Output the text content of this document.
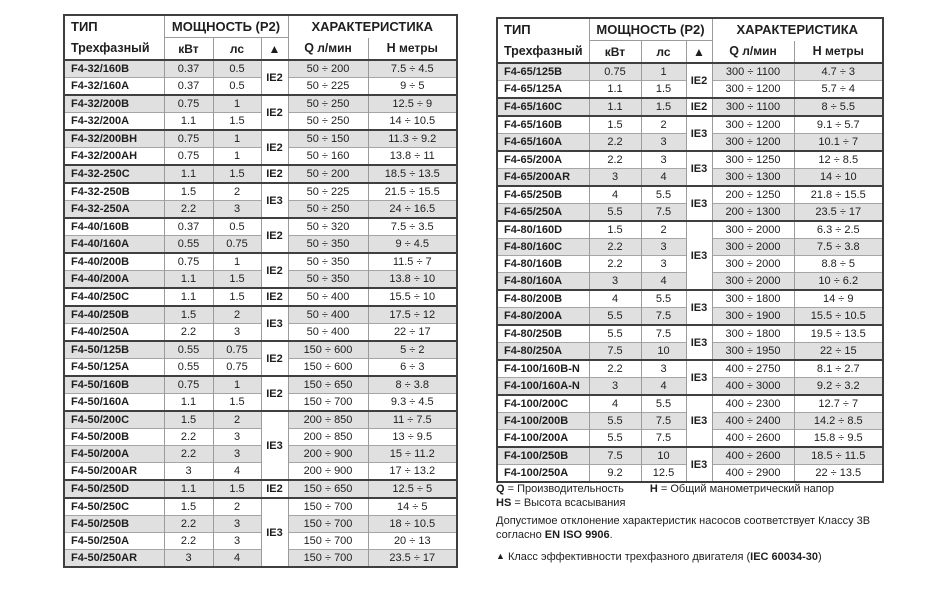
ТИП
Трехфазный	МОЩНОСТЬ (P2)			ХАРАКТЕРИСТИКА	
	кВт	лс	▲	Q л/мин	H метры
F4-32/160B	0.37	0.5	IE2	50 ÷ 200	7.5 ÷ 4.5
F4-32/160A	0.37	0.5		50 ÷ 225	9 ÷ 5
F4-32/200B	0.75	1	IE2	50 ÷ 250	12.5 ÷ 9
F4-32/200A	1.1	1.5		50 ÷ 250	14 ÷ 10.5
F4-32/200BH	0.75	1	IE2	50 ÷ 150	11.3 ÷ 9.2
F4-32/200AH	0.75	1		50 ÷ 160	13.8 ÷ 11
F4-32-250C	1.1	1.5	IE2	50 ÷ 200	18.5 ÷ 13.5
F4-32-250B	1.5	2	IE3	50 ÷ 225	21.5 ÷ 15.5
F4-32-250A	2.2	3		50 ÷ 250	24 ÷ 16.5
F4-40/160B	0.37	0.5	IE2	50 ÷ 320	7.5 ÷ 3.5
F4-40/160A	0.55	0.75		50 ÷ 350	9 ÷ 4.5
F4-40/200B	0.75	1	IE2	50 ÷ 350	11.5 ÷ 7
F4-40/200A	1.1	1.5		50 ÷ 350	13.8 ÷ 10
F4-40/250C	1.1	1.5	IE2	50 ÷ 400	15.5 ÷ 10
F4-40/250B	1.5	2	IE3	50 ÷ 400	17.5 ÷ 12
F4-40/250A	2.2	3		50 ÷ 400	22 ÷ 17
F4-50/125B	0.55	0.75	IE2	150 ÷ 600	5 ÷ 2
F4-50/125A	0.55	0.75		150 ÷ 600	6 ÷ 3
F4-50/160B	0.75	1	IE2	150 ÷ 650	8 ÷ 3.8
F4-50/160A	1.1	1.5		150 ÷ 700	9.3 ÷ 4.5
F4-50/200C	1.5	2	IE3	200 ÷ 850	11 ÷ 7.5
F4-50/200B	2.2	3		200 ÷ 850	13 ÷ 9.5
F4-50/200A	2.2	3		200 ÷ 900	15 ÷ 11.2
F4-50/200AR	3	4		200 ÷ 900	17 ÷ 13.2
F4-50/250D	1.1	1.5	IE2	150 ÷ 650	12.5 ÷ 5
F4-50/250C	1.5	2	IE3	150 ÷ 700	14 ÷ 5
F4-50/250B	2.2	3		150 ÷ 700	18 ÷ 10.5
F4-50/250A	2.2	3		150 ÷ 700	20 ÷ 13
F4-50/250AR	3	4		150 ÷ 700	23.5 ÷ 17
ТИП
Трехфазный	МОЩНОСТЬ (P2)			ХАРАКТЕРИСТИКА	
	кВт	лс	▲	Q л/мин	H метры
F4-65/125B	0.75	1	IE2	300 ÷ 1100	4.7 ÷ 3
F4-65/125A	1.1	1.5		300 ÷ 1200	5.7 ÷ 4
F4-65/160C	1.1	1.5	IE2	300 ÷ 1100	8 ÷ 5.5
F4-65/160B	1.5	2	IE3	300 ÷ 1200	9.1 ÷ 5.7
F4-65/160A	2.2	3		300 ÷ 1200	10.1 ÷ 7
F4-65/200A	2.2	3	IE3	300 ÷ 1250	12 ÷ 8.5
F4-65/200AR	3	4		300 ÷ 1300	14 ÷ 10
F4-65/250B	4	5.5	IE3	200 ÷ 1250	21.8 ÷ 15.5
F4-65/250A	5.5	7.5		200 ÷ 1300	23.5 ÷ 17
F4-80/160D	1.5	2	IE3	300 ÷ 2000	6.3 ÷ 2.5
F4-80/160C	2.2	3		300 ÷ 2000	7.5 ÷ 3.8
F4-80/160B	2.2	3		300 ÷ 2000	8.8 ÷ 5
F4-80/160A	3	4		300 ÷ 2000	10 ÷ 6.2
F4-80/200B	4	5.5	IE3	300 ÷ 1800	14 ÷ 9
F4-80/200A	5.5	7.5		300 ÷ 1900	15.5 ÷ 10.5
F4-80/250B	5.5	7.5	IE3	300 ÷ 1800	19.5 ÷ 13.5
F4-80/250A	7.5	10		300 ÷ 1950	22 ÷ 15
F4-100/160B-N	2.2	3	IE3	400 ÷ 2750	8.1 ÷ 2.7
F4-100/160A-N	3	4		400 ÷ 3000	9.2 ÷ 3.2
F4-100/200C	4	5.5	IE3	400 ÷ 2300	12.7 ÷ 7
F4-100/200B	5.5	7.5		400 ÷ 2400	14.2 ÷ 8.5
F4-100/200A	5.5	7.5		400 ÷ 2600	15.8 ÷ 9.5
F4-100/250B	7.5	10	IE3	400 ÷ 2600	18.5 ÷ 11.5
F4-100/250A	9.2	12.5		400 ÷ 2900	22 ÷ 13.5
Q = Производительность H = Общий манометрический напор
HS = Высота всасывания
Допустимое отклонение характеристик насосов соответствует Классу 3В
согласно EN ISO 9906.
▲ Класс эффективности трехфазного двигателя (IEC 60034-30)
